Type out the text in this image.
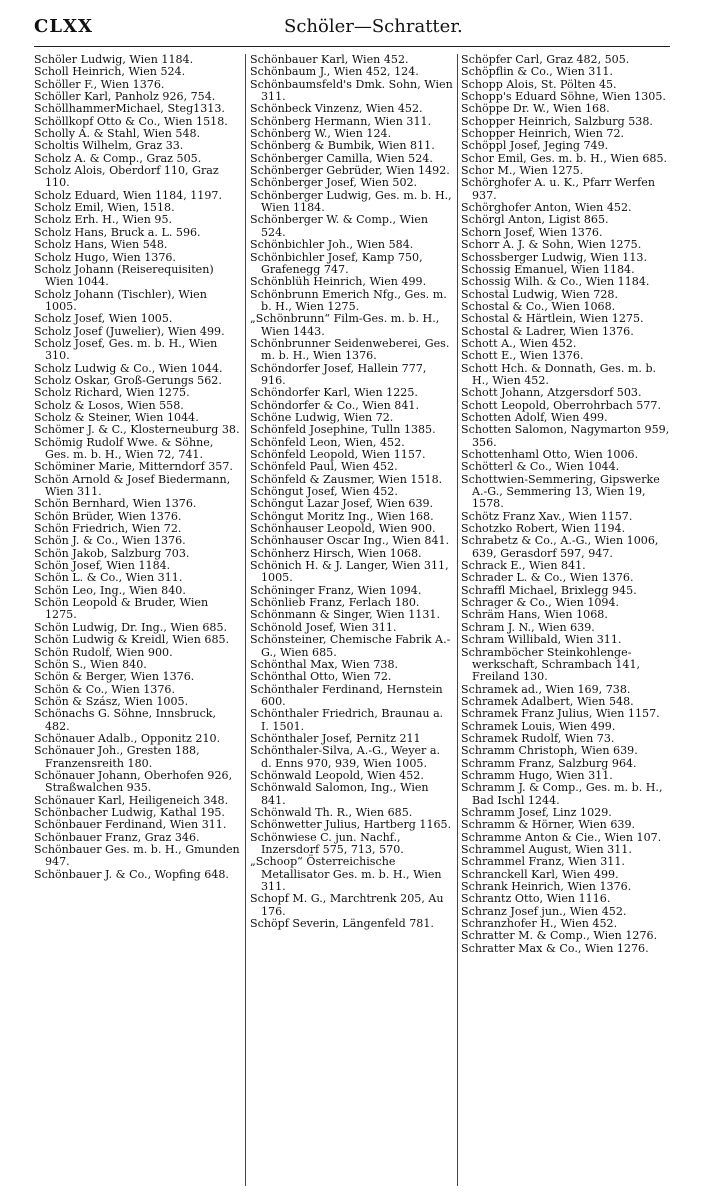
CLXX	Schöler—Schratter.

Schöler Ludwig, Wien 1184.

Scholl Heinrich, Wien 524.

Schöller F., Wien 1376.

Schöller Karl, Panholz 926, 754.

SchöllhammerMichael, Steg1313.

Schöllkopf Otto & Co., Wien 1518.

Scholly A. & Stahl, Wien 548.

Scholtis Wilhelm, Graz 33.

Scholz A. & Comp., Graz 505.

Scholz Alois, Oberdorf 110, Graz 110.

Scholz Eduard, Wien 1184, 1197.

Scholz Emil, Wien, 1518.

Scholz Erh. H., Wien 95.

Scholz Hans, Bruck a. L. 596.

Scholz Hans, Wien 548.

Scholz Hugo, Wien 1376.

Scholz Johann (Reiserequisiten) Wien 1044.

Scholz Johann (Tischler), Wien 1005.

Scholz Josef, Wien 1005.

Scholz Josef (Juwelier), Wien 499.

Scholz Josef, Ges. m. b. H., Wien 310.

Scholz Ludwig & Co., Wien 1044.

Scholz Oskar, Groß-Gerungs 562.

Scholz Richard, Wien 1275.

Scholz & Losos, Wien 558.

Scholz & Steiner, Wien 1044.

Schömer J. & C., Klosterneuburg 38.

Schömig Rudolf Wwe. & Söhne, Ges. m. b. H., Wien 72, 741.

Schöminer Marie, Mitterndorf 357.

Schön Arnold & Josef Biedermann, Wien 311.

Schön Bernhard, Wien 1376.

Schön Brüder, Wien 1376.

Schön Friedrich, Wien 72.

Schön J. & Co., Wien 1376.

Schön Jakob, Salzburg 703.

Schön Josef, Wien 1184.

Schön L. & Co., Wien 311.

Schön Leo, Ing., Wien 840.

Schön Leopold & Bruder, Wien 1275.

Schön Ludwig, Dr. Ing., Wien 685.

Schön Ludwig & Kreidl, Wien 685.

Schön Rudolf, Wien 900.

Schön S., Wien 840.

Schön & Berger, Wien 1376.

Schön & Co., Wien 1376.

Schön & Szász, Wien 1005.

Schönachs G. Söhne, Innsbruck, 482.

Schönauer Adalb., Opponitz 210.

Schönauer Joh., Gresten 188, Franzensreith 180.

Schönauer Johann, Oberhofen 926, Straßwalchen 935.

Schönauer Karl, Heiligeneich 348.

Schönbacher Ludwig, Kathal 195.

Schönbauer Ferdinand, Wien 311.

Schönbauer Franz, Graz 346.

Schönbauer Ges. m. b. H., Gmunden 947.

Schönbauer J. & Co., Wopfing 648.

Schönbauer Karl, Wien 452.

Schönbaum J., Wien 452, 124.

Schönbaumsfeld's Dmk. Sohn, Wien 311.

Schönbeck Vinzenz, Wien 452.

Schönberg Hermann, Wien 311.

Schönberg W., Wien 124.

Schönberg & Bumbik, Wien 811.

Schönberger Camilla, Wien 524.

Schönberger Gebrüder, Wien 1492.

Schönberger Josef, Wien 502.

Schönberger Ludwig, Ges. m. b. H., Wien 1184.

Schönberger W. & Comp., Wien 524.

Schönbichler Joh., Wien 584.

Schönbichler Josef, Kamp 750, Grafenegg 747.

Schönblüh Heinrich, Wien 499.

Schönbrunn Emerich Nfg., Ges. m. b. H., Wien 1275.

„Schönbrunn“ Film-Ges. m. b. H., Wien 1443.

Schönbrunner Seidenweberei, Ges. m. b. H., Wien 1376.

Schöndorfer Josef, Hallein 777, 916.

Schöndorfer Karl, Wien 1225.

Schöndorfer & Co., Wien 841.

Schöne Ludwig, Wien 72.

Schönfeld Josephine, Tulln 1385.

Schönfeld Leon, Wien, 452.

Schönfeld Leopold, Wien 1157.

Schönfeld Paul, Wien 452.

Schönfeld & Zausmer, Wien 1518.

Schöngut Josef, Wien 452.

Schöngut Lazar Josef, Wien 639.

Schöngut Moritz Ing., Wien 168.

Schönhauser Leopold, Wien 900.

Schönhauser Oscar Ing., Wien 841.

Schönherz Hirsch, Wien 1068.

Schönich H. & J. Langer, Wien 311, 1005.

Schöninger Franz, Wien 1094.

Schönlieb Franz, Ferlach 180.

Schönmann & Singer, Wien 1131.

Schönold Josef, Wien 311.

Schönsteiner, Chemische Fabrik A.-G., Wien 685.

Schönthal Max, Wien 738.

Schönthal Otto, Wien 72.

Schönthaler Ferdinand, Hernstein 600.

Schönthaler Friedrich, Braunau a. I. 1501.

Schönthaler Josef, Pernitz 211

Schönthaler-Silva, A.-G., Weyer a. d. Enns 970, 939, Wien 1005.

Schönwald Leopold, Wien 452.

Schönwald Salomon, Ing., Wien 841.

Schönwald Th. R., Wien 685.

Schönwetter Julius, Hartberg 1165.

Schönwiese C. jun. Nachf., Inzersdorf 575, 713, 570.

„Schoop“ Österreichische Metallisator Ges. m. b. H., Wien 311.

Schopf M. G., Marchtrenk 205, Au 176.

Schöpf Severin, Längenfeld 781.

Schöpfer Carl, Graz 482, 505.

Schöpflin & Co., Wien 311.

Schopp Alois, St. Pölten 45.

Schopp's Eduard Söhne, Wien 1305.

Schöppe Dr. W., Wien 168.

Schopper Heinrich, Salzburg 538.

Schopper Heinrich, Wien 72.

Schöppl Josef, Jeging 749.

Schor Emil, Ges. m. b. H., Wien 685.

Schor M., Wien 1275.

Schörghofer A. u. K., Pfarr Werfen 937.

Schörghofer Anton, Wien 452.

Schörgl Anton, Ligist 865.

Schorn Josef, Wien 1376.

Schorr A. J. & Sohn, Wien 1275.

Schossberger Ludwig, Wien 113.

Schossig Emanuel, Wien 1184.

Schossig Wilh. & Co., Wien 1184.

Schostal Ludwig, Wien 728.

Schostal & Co., Wien 1068.

Schostal & Härtlein, Wien 1275.

Schostal & Ladrer, Wien 1376.

Schott A., Wien 452.

Schott E., Wien 1376.

Schott Hch. & Donnath, Ges. m. b. H., Wien 452.

Schott Johann, Atzgersdorf 503.

Schott Leopold, Oberrohrbach 577.

Schotten Adolf, Wien 499.

Schotten Salomon, Nagymarton 959, 356.

Schottenhaml Otto, Wien 1006.

Schötterl & Co., Wien 1044.

Schottwien-Semmering, Gipswerke A.-G., Semmering 13, Wien 19, 1578.

Schötz Franz Xav., Wien 1157.

Schotzko Robert, Wien 1194.

Schrabetz & Co., A.-G., Wien 1006, 639, Gerasdorf 597, 947.

Schrack E., Wien 841.

Schrader L. & Co., Wien 1376.

Schraffl Michael, Brixlegg 945.

Schrager & Co., Wien 1094.

Schräm Hans, Wien 1068.

Schram J. N., Wien 639.

Schram Willibald, Wien 311.

Schramböcher Steinkohlenge-werkschaft, Schrambach 141, Freiland 130.

Schramek ad., Wien 169, 738.

Schramek Adalbert, Wien 548.

Schramek Franz Julius, Wien 1157.

Schramek Louis, Wien 499.

Schramek Rudolf, Wien 73.

Schramm Christoph, Wien 639.

Schramm Franz, Salzburg 964.

Schramm Hugo, Wien 311.

Schramm J. & Comp., Ges. m. b. H., Bad Ischl 1244.

Schramm Josef, Linz 1029.

Schramm & Hörner, Wien 639.

Schramme Anton & Cie., Wien 107.

Schrammel August, Wien 311.

Schrammel Franz, Wien 311.

Schranckell Karl, Wien 499.

Schrank Heinrich, Wien 1376.

Schrantz Otto, Wien 1116.

Schranz Josef jun., Wien 452.

Schranzhofer H., Wien 452.

Schratter M. & Comp., Wien 1276.

Schratter Max & Co., Wien 1276.
